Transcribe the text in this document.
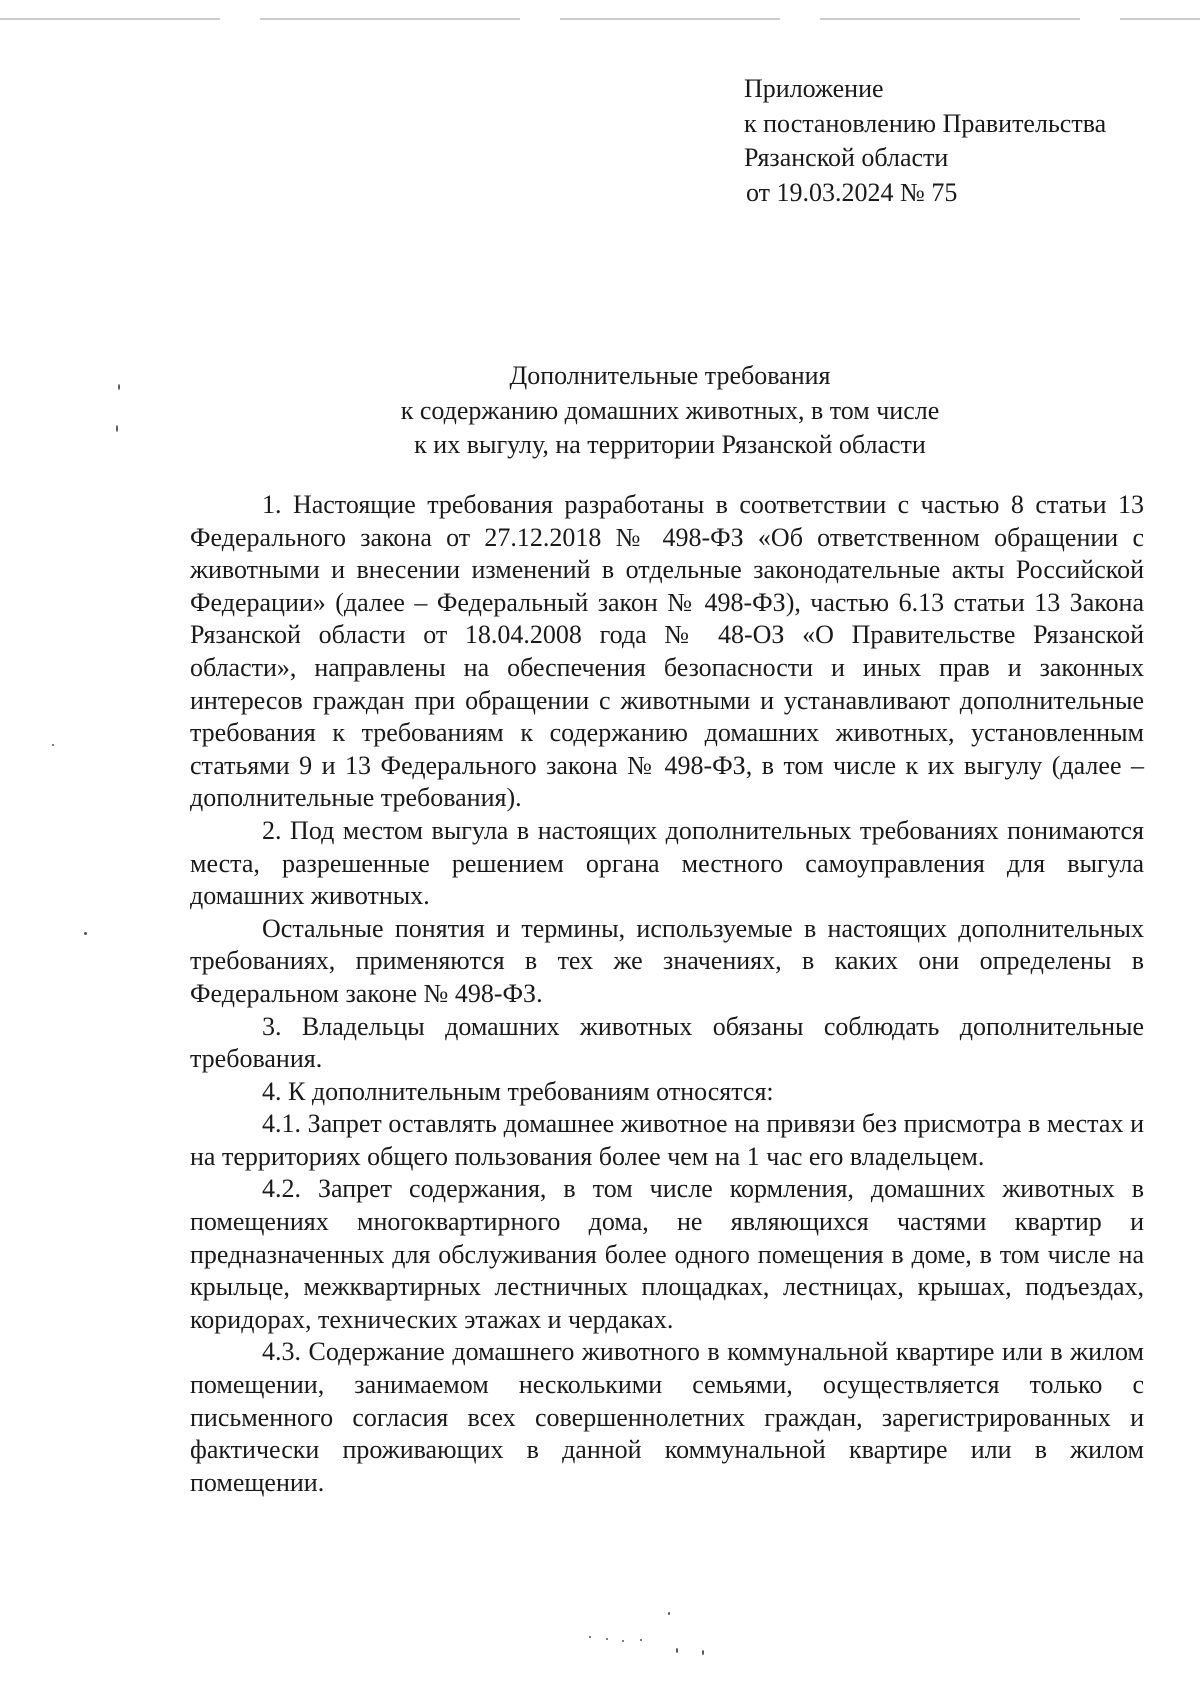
Приложение
к постановлению Правительства
Рязанской области
от 19.03.2024 № 75
Дополнительные требования
к содержанию домашних животных, в том числе
к их выгулу, на территории Рязанской области

1. Настоящие требования разработаны в соответствии с частью 8 статьи 13 Федерального закона от 27.12.2018 № 498-ФЗ «Об ответственном обращении с животными и внесении изменений в отдельные законодательные акты Российской Федерации» (далее – Федеральный закон № 498-ФЗ), частью 6.13 статьи 13 Закона Рязанской области от 18.04.2008 года № 48-ОЗ «О Правительстве Рязанской области», направлены на обеспечения безопасности и иных прав и законных интересов граждан при обращении с животными и устанавливают дополнительные требования к требованиям к содержанию домашних животных, установленным статьями 9 и 13 Федерального закона № 498-ФЗ, в том числе к их выгулу (далее – дополнительные требования).

2. Под местом выгула в настоящих дополнительных требованиях понимаются места, разрешенные решением органа местного самоуправления для выгула домашних животных.

Остальные понятия и термины, используемые в настоящих дополнительных требованиях, применяются в тех же значениях, в каких они определены в Федеральном законе № 498-ФЗ.

3. Владельцы домашних животных обязаны соблюдать дополнительные требования.

4. К дополнительным требованиям относятся:

4.1. Запрет оставлять домашнее животное на привязи без присмотра в местах и на территориях общего пользования более чем на 1 час его владельцем.

4.2. Запрет содержания, в том числе кормления, домашних животных в помещениях многоквартирного дома, не являющихся частями квартир и предназначенных для обслуживания более одного помещения в доме, в том числе на крыльце, межквартирных лестничных площадках, лестницах, крышах, подъездах, коридорах, технических этажах и чердаках.

4.3. Содержание домашнего животного в коммунальной квартире или в жилом помещении, занимаемом несколькими семьями, осуществляется только с письменного согласия всех совершеннолетних граждан, зарегистрированных и фактически проживающих в данной коммунальной квартире или в жилом помещении.
